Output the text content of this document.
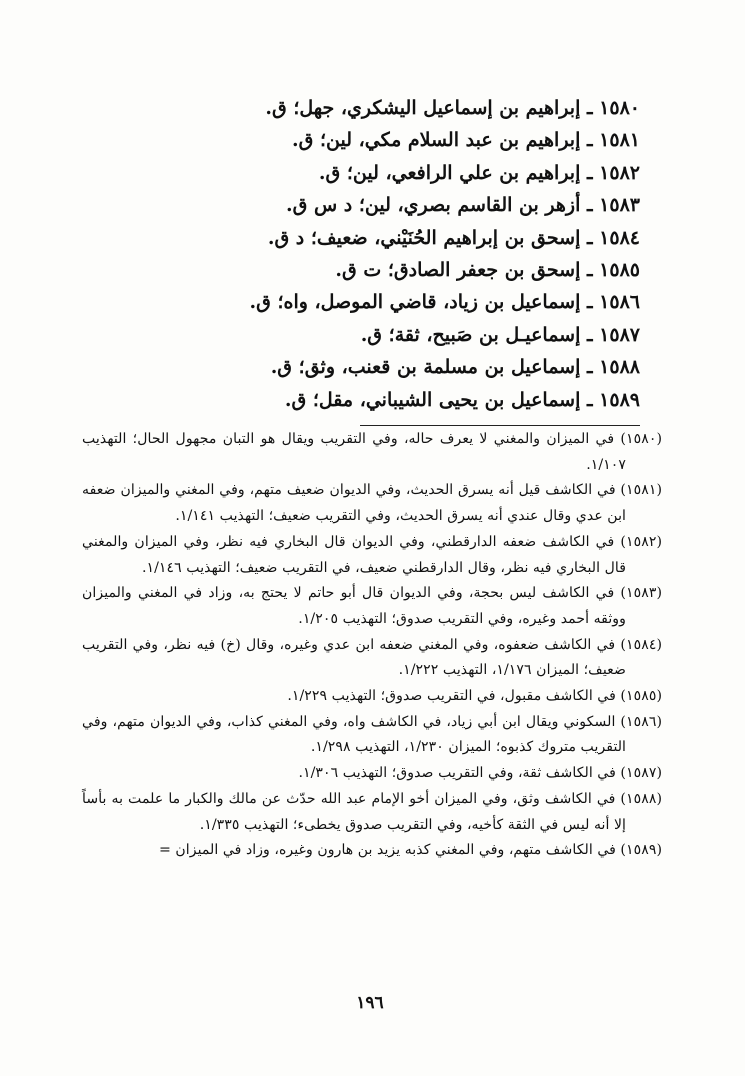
١٥٨٠ ـ إبراهيم بن إسماعيل اليشكري، جهل؛ ق.
١٥٨١ ـ إبراهيم بن عبد السلام مكي، لين؛ ق.
١٥٨٢ ـ إبراهيم بن علي الرافعي، لين؛ ق.
١٥٨٣ ـ أزهر بن القاسم بصري، لين؛ د س ق.
١٥٨٤ ـ إسحق بن إبراهيم الحُنَيْني، ضعيف؛ د ق.
١٥٨٥ ـ إسحق بن جعفر الصادق؛ ت ق.
١٥٨٦ ـ إسماعيل بن زياد، قاضي الموصل، واه؛ ق.
١٥٨٧ ـ إسماعيـل بن صَبيح، ثقة؛ ق.
١٥٨٨ ـ إسماعيل بن مسلمة بن قعنب، وثق؛ ق.
١٥٨٩ ـ إسماعيل بن يحيى الشيباني، مقل؛ ق.

(١٥٨٠) في الميزان والمغني لا يعرف حاله، وفي التقريب ويقال هو التبان مجهول الحال؛ التهذيب ١/١٠٧.

(١٥٨١) في الكاشف قيل أنه يسرق الحديث، وفي الديوان ضعيف متهم، وفي المغني والميزان ضعفه ابن عدي وقال عندي أنه يسرق الحديث، وفي التقريب ضعيف؛ التهذيب ١/١٤١.

(١٥٨٢) في الكاشف ضعفه الدارقطني، وفي الديوان قال البخاري فيه نظر، وفي الميزان والمغني قال البخاري فيه نظر، وقال الدارقطني ضعيف، في التقريب ضعيف؛ التهذيب ١/١٤٦.

(١٥٨٣) في الكاشف ليس بحجة، وفي الديوان قال أبو حاتم لا يحتج به، وزاد في المغني والميزان ووثقه أحمد وغيره، وفي التقريب صدوق؛ التهذيب ١/٢٠٥.

(١٥٨٤) في الكاشف ضعفوه، وفي المغني ضعفه ابن عدي وغيره، وقال (خ) فيه نظر، وفي التقريب ضعيف؛ الميزان ١/١٧٦، التهذيب ١/٢٢٢.

(١٥٨٥) في الكاشف مقبول، في التقريب صدوق؛ التهذيب ١/٢٢٩.

(١٥٨٦) السكوني ويقال ابن أبي زياد، في الكاشف واه، وفي المغني كذاب، وفي الديوان متهم، وفي التقريب متروك كذبوه؛ الميزان ١/٢٣٠، التهذيب ١/٢٩٨.

(١٥٨٧) في الكاشف ثقة، وفي التقريب صدوق؛ التهذيب ١/٣٠٦.

(١٥٨٨) في الكاشف وثق، وفي الميزان أخو الإمام عبد الله حدّث عن مالك والكبار ما علمت به بأساً إلا أنه ليس في الثقة كأخيه، وفي التقريب صدوق يخطىء؛ التهذيب ١/٣٣٥.

(١٥٨٩) في الكاشف متهم، وفي المغني كذبه يزيد بن هارون وغيره، وزاد في الميزان =

١٩٦
